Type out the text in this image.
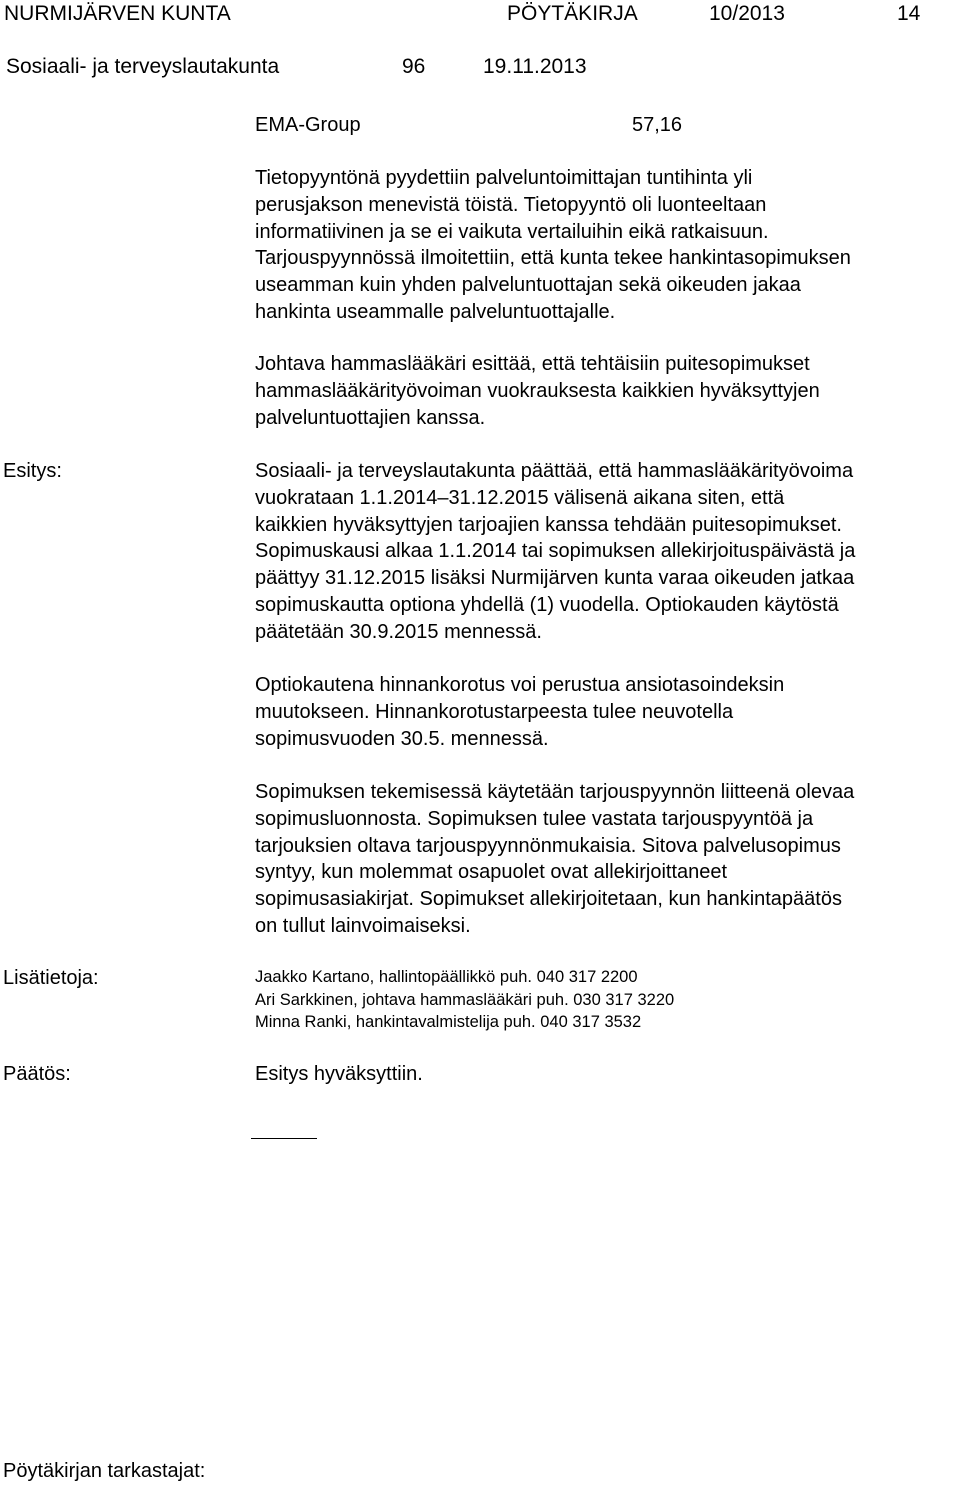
NURMIJÄRVEN KUNTA	PÖYTÄKIRJA	10/2013	14
Sosiaali- ja terveyslautakunta	96	19.11.2013
EMA-Group	57,16

Tietopyyntönä pyydettiin palveluntoimittajan tuntihinta yli
perusjakson menevistä töistä. Tietopyyntö oli luonteeltaan
informatiivinen ja se ei vaikuta vertailuihin eikä ratkaisuun.
Tarjouspyynnössä ilmoitettiin, että kunta tekee hankintasopimuksen
useamman kuin yhden palveluntuottajan sekä oikeuden jakaa
hankinta useammalle palveluntuottajalle.

Johtava hammaslääkäri esittää, että tehtäisiin puitesopimukset
hammaslääkärityövoiman vuokrauksesta kaikkien hyväksyttyjen
palveluntuottajien kanssa.

Esitys:	Sosiaali- ja terveyslautakunta päättää, että hammaslääkärityövoima
vuokrataan 1.1.2014–31.12.2015 välisenä aikana siten, että
kaikkien hyväksyttyjen tarjoajien kanssa tehdään puitesopimukset.
Sopimuskausi alkaa 1.1.2014 tai sopimuksen allekirjoituspäivästä ja
päättyy 31.12.2015 lisäksi Nurmijärven kunta varaa oikeuden jatkaa
sopimuskautta optiona yhdellä (1) vuodella. Optiokauden käytöstä
päätetään 30.9.2015 mennessä.

Optiokautena hinnankorotus voi perustua ansiotasoindeksin
muutokseen. Hinnankorotustarpeesta tulee neuvotella
sopimusvuoden 30.5. mennessä.

Sopimuksen tekemisessä käytetään tarjouspyynnön liitteenä olevaa
sopimusluonnosta. Sopimuksen tulee vastata tarjouspyyntöä ja
tarjouksien oltava tarjouspyynnönmukaisia. Sitova palvelusopimus
syntyy, kun molemmat osapuolet ovat allekirjoittaneet
sopimusasiakirjat. Sopimukset allekirjoitetaan, kun hankintapäätös
on tullut lainvoimaiseksi.

Lisätietoja:	Jaakko Kartano, hallintopäällikkö puh. 040 317 2200
Ari Sarkkinen, johtava hammaslääkäri puh. 030 317 3220
Minna Ranki, hankintavalmistelija puh. 040 317 3532
Päätös:	Esitys hyväksyttiin.
Pöytäkirjan tarkastajat:
